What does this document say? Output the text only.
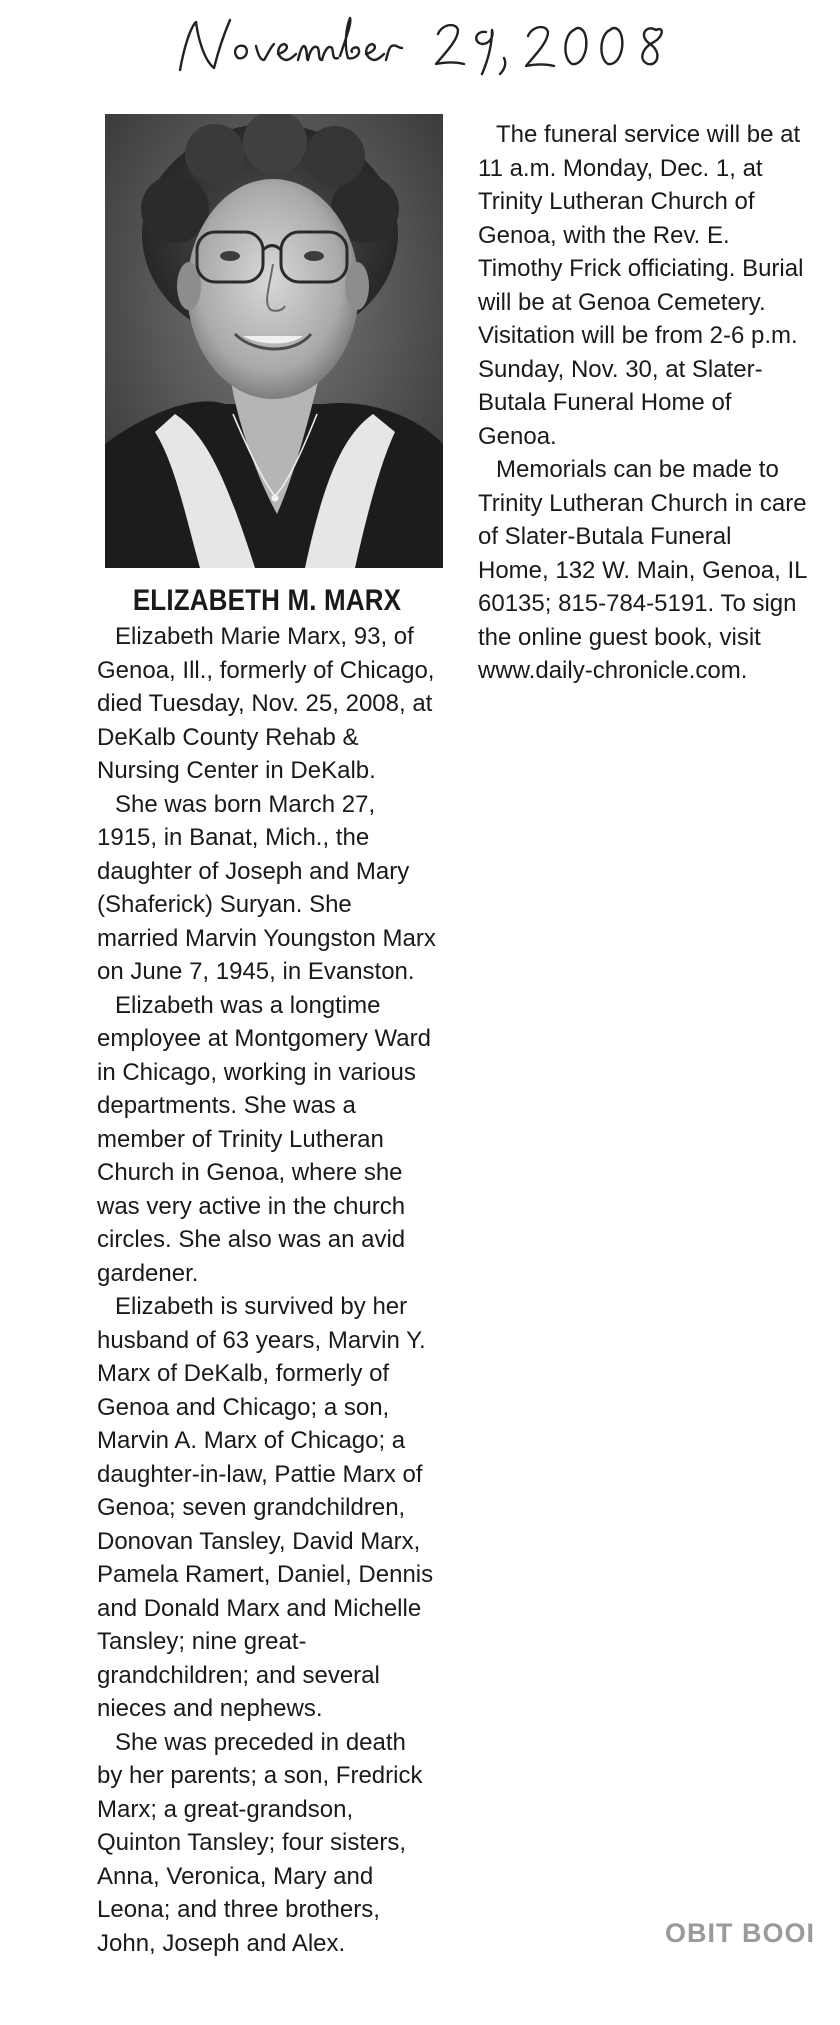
ELIZABETH M. MARX

Elizabeth Marie Marx, 93, of Genoa, Ill., formerly of Chicago, died Tuesday, Nov. 25, 2008, at DeKalb County Rehab & Nursing Center in DeKalb.

She was born March 27, 1915, in Banat, Mich., the daughter of Joseph and Mary (Shaferick) Suryan. She married Marvin Youngston Marx on June 7, 1945, in Evanston.

Elizabeth was a longtime employee at Montgomery Ward in Chicago, working in various departments. She was a member of Trinity Lutheran Church in Genoa, where she was very active in the church circles. She also was an avid gardener.

Elizabeth is survived by her husband of 63 years, Marvin Y. Marx of DeKalb, formerly of Genoa and Chicago; a son, Marvin A. Marx of Chicago; a daughter-in-law, Pattie Marx of Genoa; seven grandchildren, Donovan Tansley, David Marx, Pamela Ramert, Daniel, Dennis and Donald Marx and Michelle Tansley; nine great-grandchildren; and several nieces and nephews.

She was preceded in death by her parents; a son, Fredrick Marx; a great-grandson, Quinton Tansley; four sisters, Anna, Veronica, Mary and Leona; and three brothers, John, Joseph and Alex.

The funeral service will be at 11 a.m. Monday, Dec. 1, at Trinity Lutheran Church of Genoa, with the Rev. E. Timothy Frick officiating. Burial will be at Genoa Cemetery. Visitation will be from 2-6 p.m. Sunday, Nov. 30, at Slater-Butala Funeral Home of Genoa.

Memorials can be made to Trinity Lutheran Church in care of Slater-Butala Funeral Home, 132 W. Main, Genoa, IL 60135; 815-784-5191. To sign the online guest book, visit www.daily-chronicle.com.

OBIT BOOI
